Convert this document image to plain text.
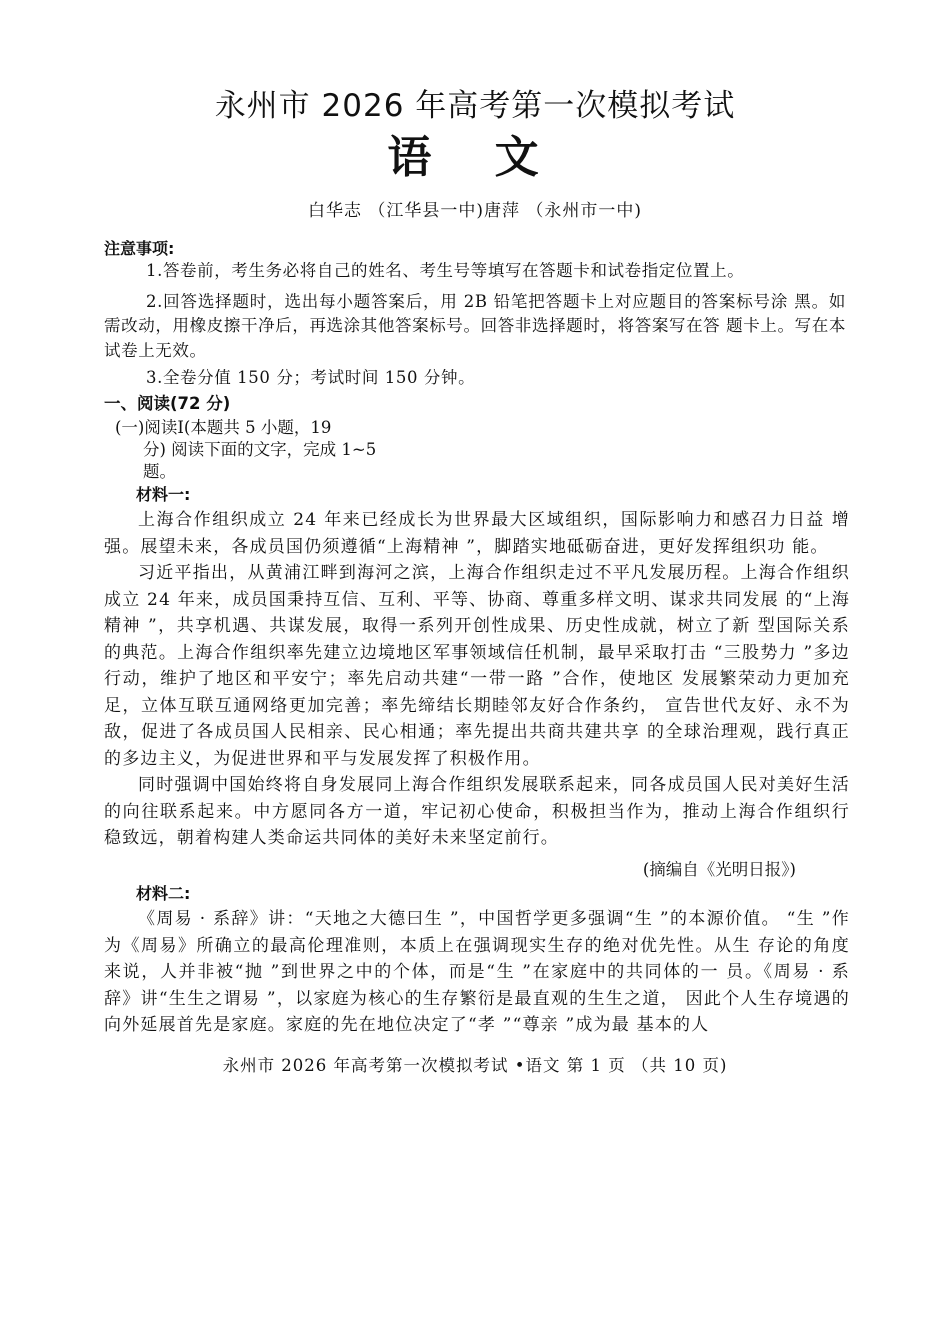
永州市 2026 年高考第一次模拟考试
语 文
白华志 （江华县一中)唐萍 （永州市一中)
注意事项:

1.答卷前，考生务必将自己的姓名、考生号等填写在答题卡和试卷指定位置上。

2.回答选择题时，选出每小题答案后，用 2B 铅笔把答题卡上对应题目的答案标号涂 黑。如需改动，用橡皮擦干净后，再选涂其他答案标号。回答非选择题时，将答案写在答 题卡上。写在本试卷上无效。

3.全卷分值 150 分；考试时间 150 分钟。

一、阅读(72 分)
(一)阅读Ⅰ(本题共 5 小题，19
分) 阅读下面的文字，完成 1~5
题。
材料一:

上海合作组织成立 24 年来已经成长为世界最大区域组织，国际影响力和感召力日益 增强。展望未来，各成员国仍须遵循“上海精神 ”，脚踏实地砥砺奋进，更好发挥组织功 能。

习近平指出，从黄浦江畔到海河之滨，上海合作组织走过不平凡发展历程。上海合作组织成立 24 年来，成员国秉持互信、互利、平等、协商、尊重多样文明、谋求共同发展 的“上海精神 ”，共享机遇、共谋发展，取得一系列开创性成果、历史性成就，树立了新 型国际关系的典范。上海合作组织率先建立边境地区军事领域信任机制，最早采取打击 “三股势力 ”多边行动，维护了地区和平安宁；率先启动共建“一带一路 ”合作，使地区 发展繁荣动力更加充足，立体互联互通网络更加完善；率先缔结长期睦邻友好合作条约， 宣告世代友好、永不为敌，促进了各成员国人民相亲、民心相通；率先提出共商共建共享 的全球治理观，践行真正的多边主义，为促进世界和平与发展发挥了积极作用。

同时强调中国始终将自身发展同上海合作组织发展联系起来，同各成员国人民对美好生活的向往联系起来。中方愿同各方一道，牢记初心使命，积极担当作为，推动上海合作组织行稳致远，朝着构建人类命运共同体的美好未来坚定前行。

(摘编自《光明日报》)
材料二:

《周易 · 系辞》讲：“天地之大德曰生 ”，中国哲学更多强调“生 ”的本源价值。 “生 ”作为《周易》所确立的最高伦理准则，本质上在强调现实生存的绝对优先性。从生 存论的角度来说，人并非被“抛 ”到世界之中的个体，而是“生 ”在家庭中的共同体的一 员。《周易 · 系辞》讲“生生之谓易 ”，以家庭为核心的生存繁衍是最直观的生生之道， 因此个人生存境遇的向外延展首先是家庭。家庭的先在地位决定了“孝 ”“尊亲 ”成为最 基本的人

永州市 2026 年高考第一次模拟考试 •语文 第 1 页 （共 10 页)
